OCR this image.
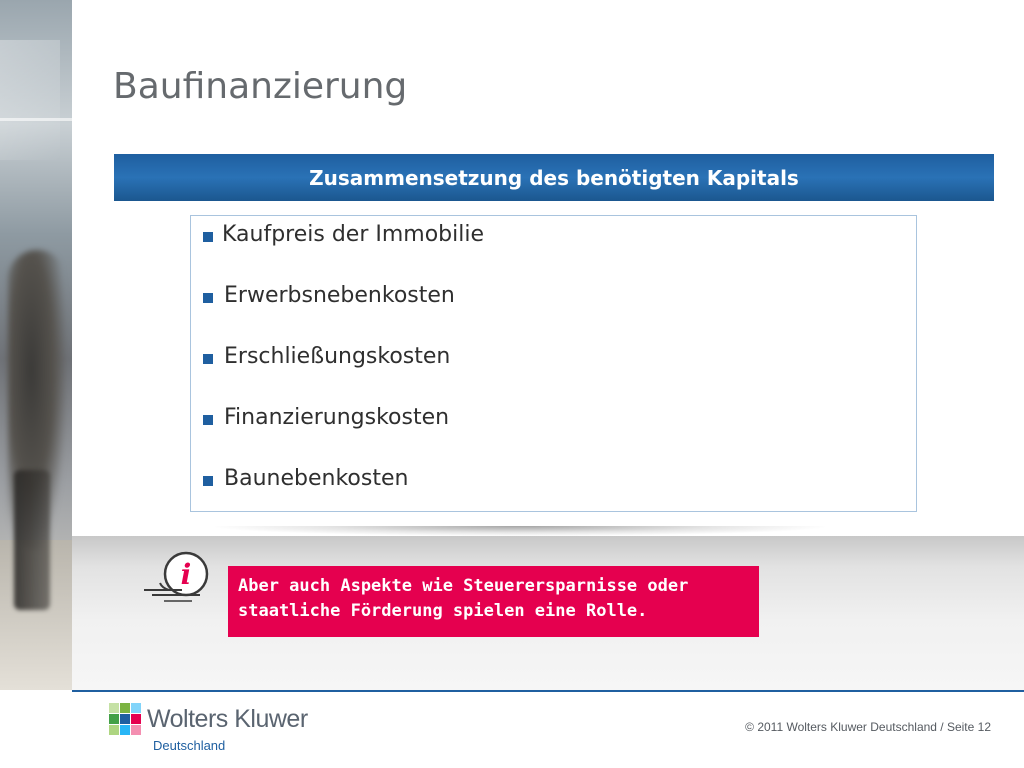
Baufinanzierung
Zusammensetzung des benötigten Kapitals
Kaufpreis der Immobilie
Erwerbsnebenkosten
Erschließungskosten
Finanzierungskosten
Baunebenkosten
i	Aber auch Aspekte wie Steuerersparnisse oder
staatliche Förderung spielen eine Rolle.
Wolters Kluwer
Deutschland
© 2011 Wolters Kluwer Deutschland / Seite 12
